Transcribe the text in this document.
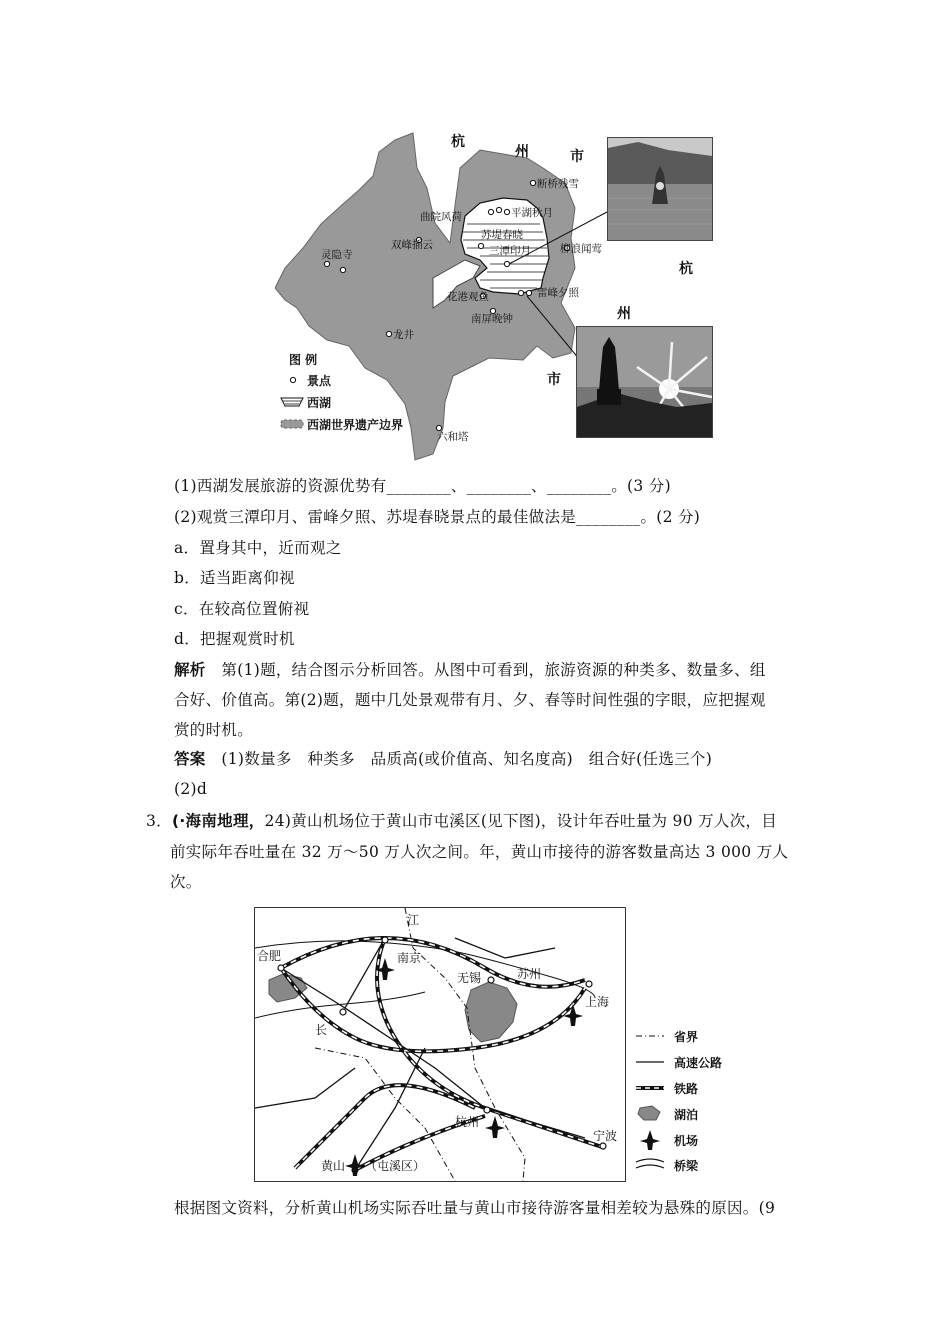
杭
州	市
杭
州
市
断桥残雪
曲院风荷	平湖秋月
苏堤春晓
三潭印月	柳浪闻莺
灵隐寺
双峰插云
花港观鱼	雷峰夕照
南屏晚钟
龙井
六和塔
图 例
景点
西湖
西湖世界遗产边界
(1)西湖发展旅游的资源优势有________、________、________。(3 分)
(2)观赏三潭印月、雷峰夕照、苏堤春晓景点的最佳做法是________。(2 分)
a．置身其中，近而观之
b．适当距离仰视
c．在较高位置俯视
d．把握观赏时机
解析　 第(1)题，结合图示分析回答。从图中可看到，旅游资源的种类多、数量多、组
合好、价值高。第(2)题，题中几处景观带有月、夕、春等时间性强的字眼，应把握观
赏的时机。
答案　 (1)数量多　种类多　品质高(或价值高、知名度高)　组合好(任选三个)
(2)d
3．(·海南地理，24)黄山机场位于黄山市屯溪区(见下图)，设计年吞吐量为 90 万人次，目
前实际年吞吐量在 32 万～50 万人次之间。年，黄山市接待的游客数量高达 3 000 万人
次。
江
长
合肥	南京
无锡	苏州
上海
杭州
宁波
黄山 （屯溪区）
省界
高速公路
铁路
湖泊
机场
桥梁
根据图文资料，分析黄山机场实际吞吐量与黄山市接待游客量相差较为悬殊的原因。(9
